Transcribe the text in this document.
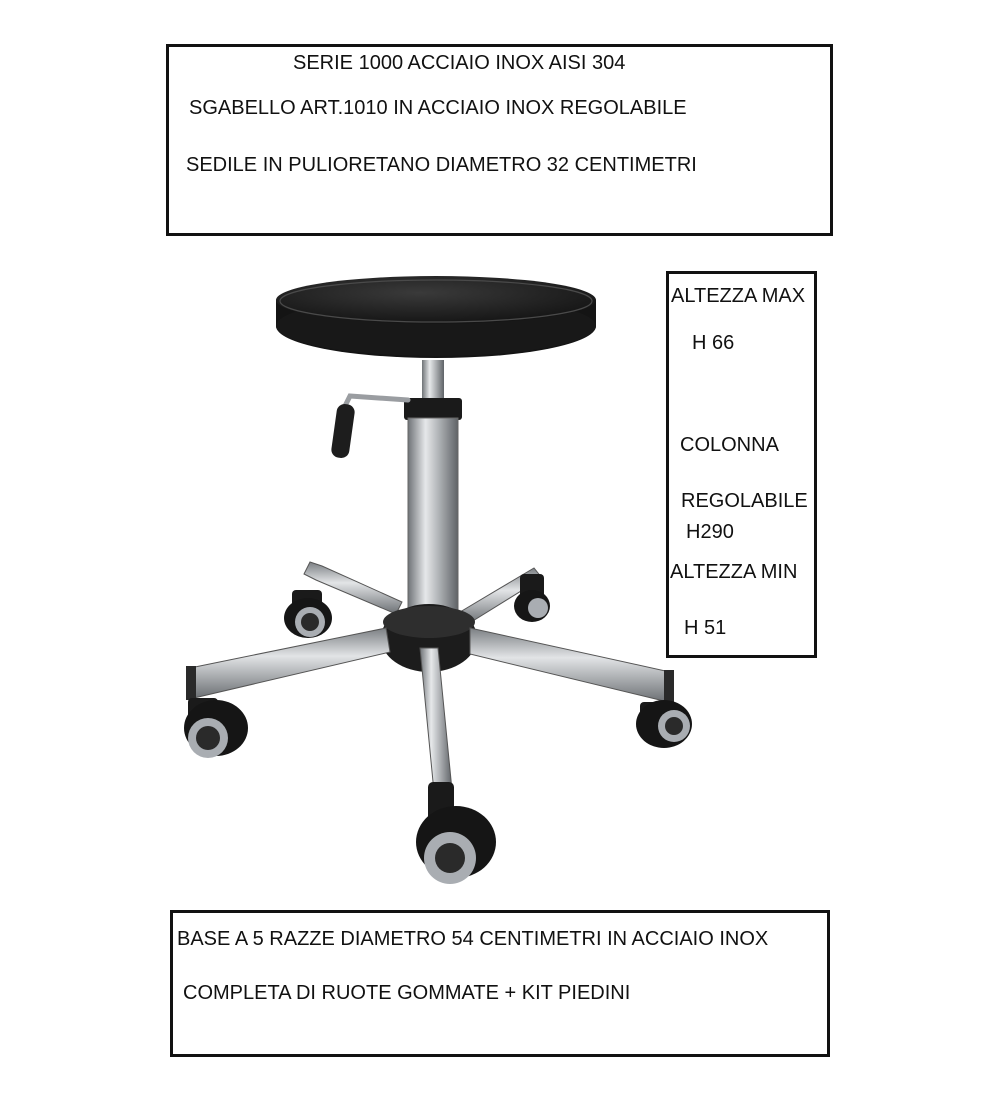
SERIE 1000 ACCIAIO INOX AISI 304
SGABELLO ART.1010 IN ACCIAIO INOX REGOLABILE
SEDILE IN PULIORETANO DIAMETRO 32 CENTIMETRI
ALTEZZA MAX
H 66
COLONNA
REGOLABILE
H290
ALTEZZA MIN
H 51
BASE A 5 RAZZE DIAMETRO 54 CENTIMETRI IN ACCIAIO INOX
COMPLETA DI RUOTE GOMMATE + KIT PIEDINI
